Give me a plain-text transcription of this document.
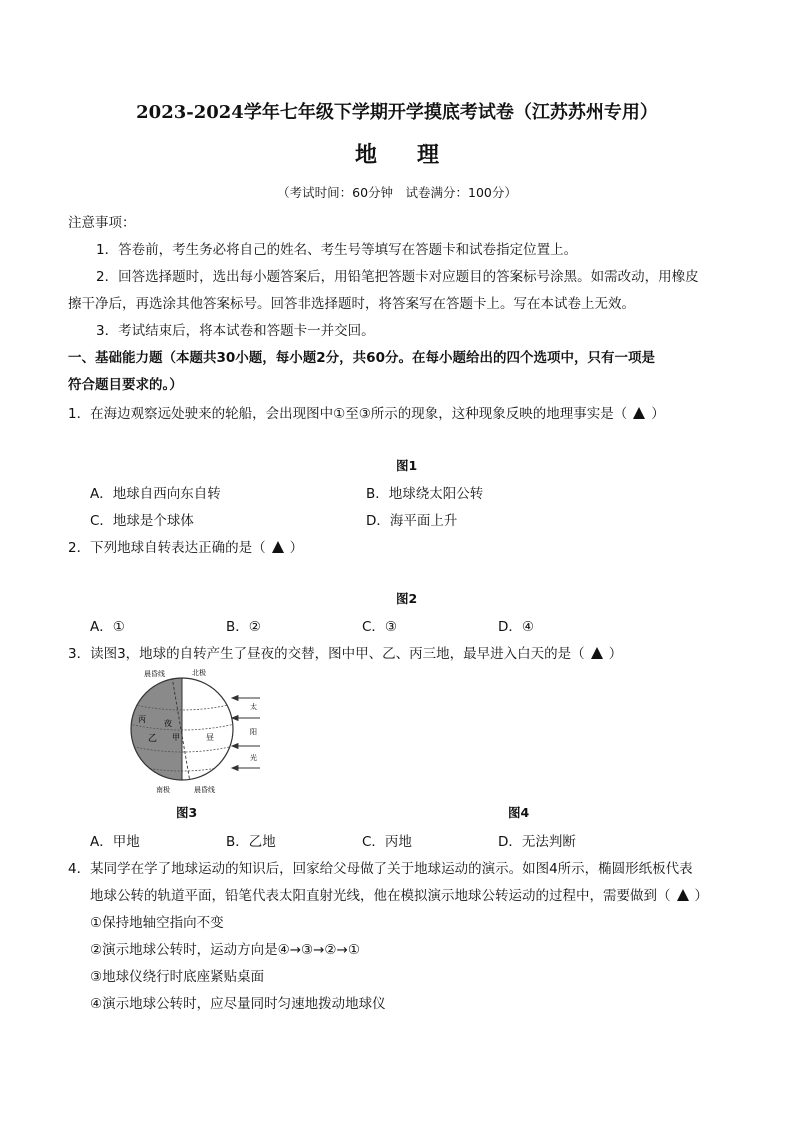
2023-2024学年七年级下学期开学摸底考试卷（江苏苏州专用）
地理
（考试时间：60分钟　试卷满分：100分）
注意事项：
1．答卷前，考生务必将自己的姓名、考生号等填写在答题卡和试卷指定位置上。
2．回答选择题时，选出每小题答案后，用铅笔把答题卡对应题目的答案标号涂黑。如需改动，用橡皮
擦干净后，再选涂其他答案标号。回答非选择题时，将答案写在答题卡上。写在本试卷上无效。
3．考试结束后，将本试卷和答题卡一并交回。
一、基础能力题（本题共30小题，每小题2分，共60分。在每小题给出的四个选项中，只有一项是
符合题目要求的。）
1．在海边观察远处驶来的轮船，会出现图中①至③所示的现象，这种现象反映的地理事实是（ ）
图1
A．地球自西向东自转	B．地球绕太阳公转
C．地球是个球体	D．海平面上升
2．下列地球自转表达正确的是（ ）
图2
A．①	B．②	C．③	D．④
3．读图3，地球的自转产生了昼夜的交替，图中甲、乙、丙三地，最早进入白天的是（ ）
晨昏线	北极
丙 夜
乙 甲	昼
南极	晨昏线
太
阳
光
图3	图4
A．甲地	B．乙地	C．丙地	D．无法判断
4．某同学在学了地球运动的知识后，回家给父母做了关于地球运动的演示。如图4所示，椭圆形纸板代表
地球公转的轨道平面，铅笔代表太阳直射光线，他在模拟演示地球公转运动的过程中，需要做到（ ）
①保持地轴空指向不变
②演示地球公转时，运动方向是④→③→②→①
③地球仪绕行时底座紧贴桌面
④演示地球公转时，应尽量同时匀速地拨动地球仪
